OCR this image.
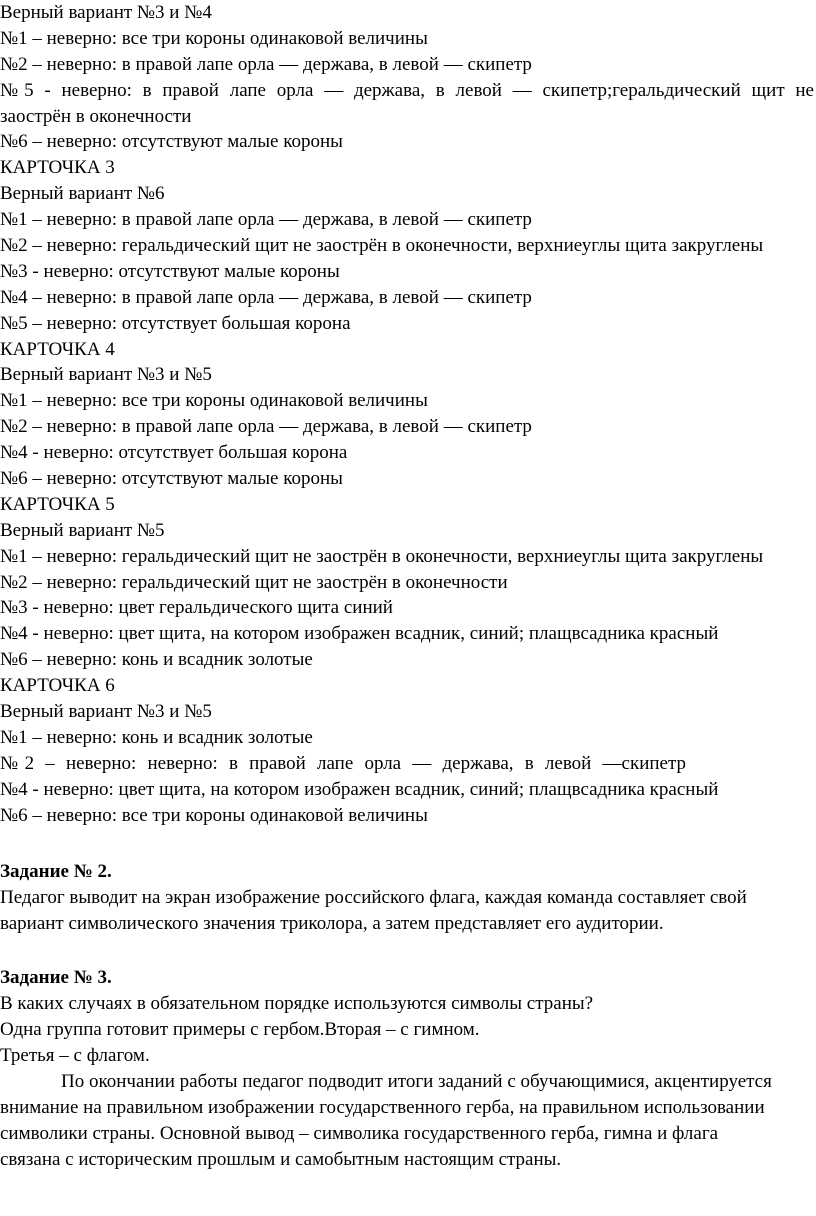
Верный вариант №3 и №4
№1 – неверно: все три короны одинаковой величины
№2 – неверно: в правой лапе орла — держава, в левой — скипетр
№5 - неверно: в правой лапе орла — держава, в левой — скипетр;геральдический щит не
заострён в оконечности
№6 – неверно: отсутствуют малые короны
КАРТОЧКА 3
Верный вариант №6
№1 – неверно: в правой лапе орла — держава, в левой — скипетр
№2 – неверно: геральдический щит не заострён в оконечности, верхниеуглы щита закруглены
№3 - неверно: отсутствуют малые короны
№4 – неверно: в правой лапе орла — держава, в левой — скипетр
№5 – неверно: отсутствует большая корона
КАРТОЧКА 4
Верный вариант №3 и №5
№1 – неверно: все три короны одинаковой величины
№2 – неверно: в правой лапе орла — держава, в левой — скипетр
№4 - неверно: отсутствует большая корона
№6 – неверно: отсутствуют малые короны
КАРТОЧКА 5
Верный вариант №5
№1 – неверно: геральдический щит не заострён в оконечности, верхниеуглы щита закруглены
№2 – неверно: геральдический щит не заострён в оконечности
№3 - неверно: цвет геральдического щита синий
№4 - неверно: цвет щита, на котором изображен всадник, синий; плащвсадника красный
№6 – неверно: конь и всадник золотые
КАРТОЧКА 6
Верный вариант №3 и №5
№1 – неверно: конь и всадник золотые
№2 – неверно: неверно: в правой лапе орла — держава, в левой —скипетр
№4 - неверно: цвет щита, на котором изображен всадник, синий; плащвсадника красный
№6 – неверно: все три короны одинаковой величины
Задание № 2.
Педагог выводит на экран изображение российского флага, каждая команда составляет свой
вариант символического значения триколора, а затем представляет его аудитории.
Задание № 3.
В каких случаях в обязательном порядке используются символы страны?
Одна группа готовит примеры с гербом.Вторая – с гимном.
Третья – с флагом.
По окончании работы педагог подводит итоги заданий с обучающимися, акцентируется
внимание на правильном изображении государственного герба, на правильном использовании
символики страны. Основной вывод – символика государственного герба, гимна и флага
связана с историческим прошлым и самобытным настоящим страны.
